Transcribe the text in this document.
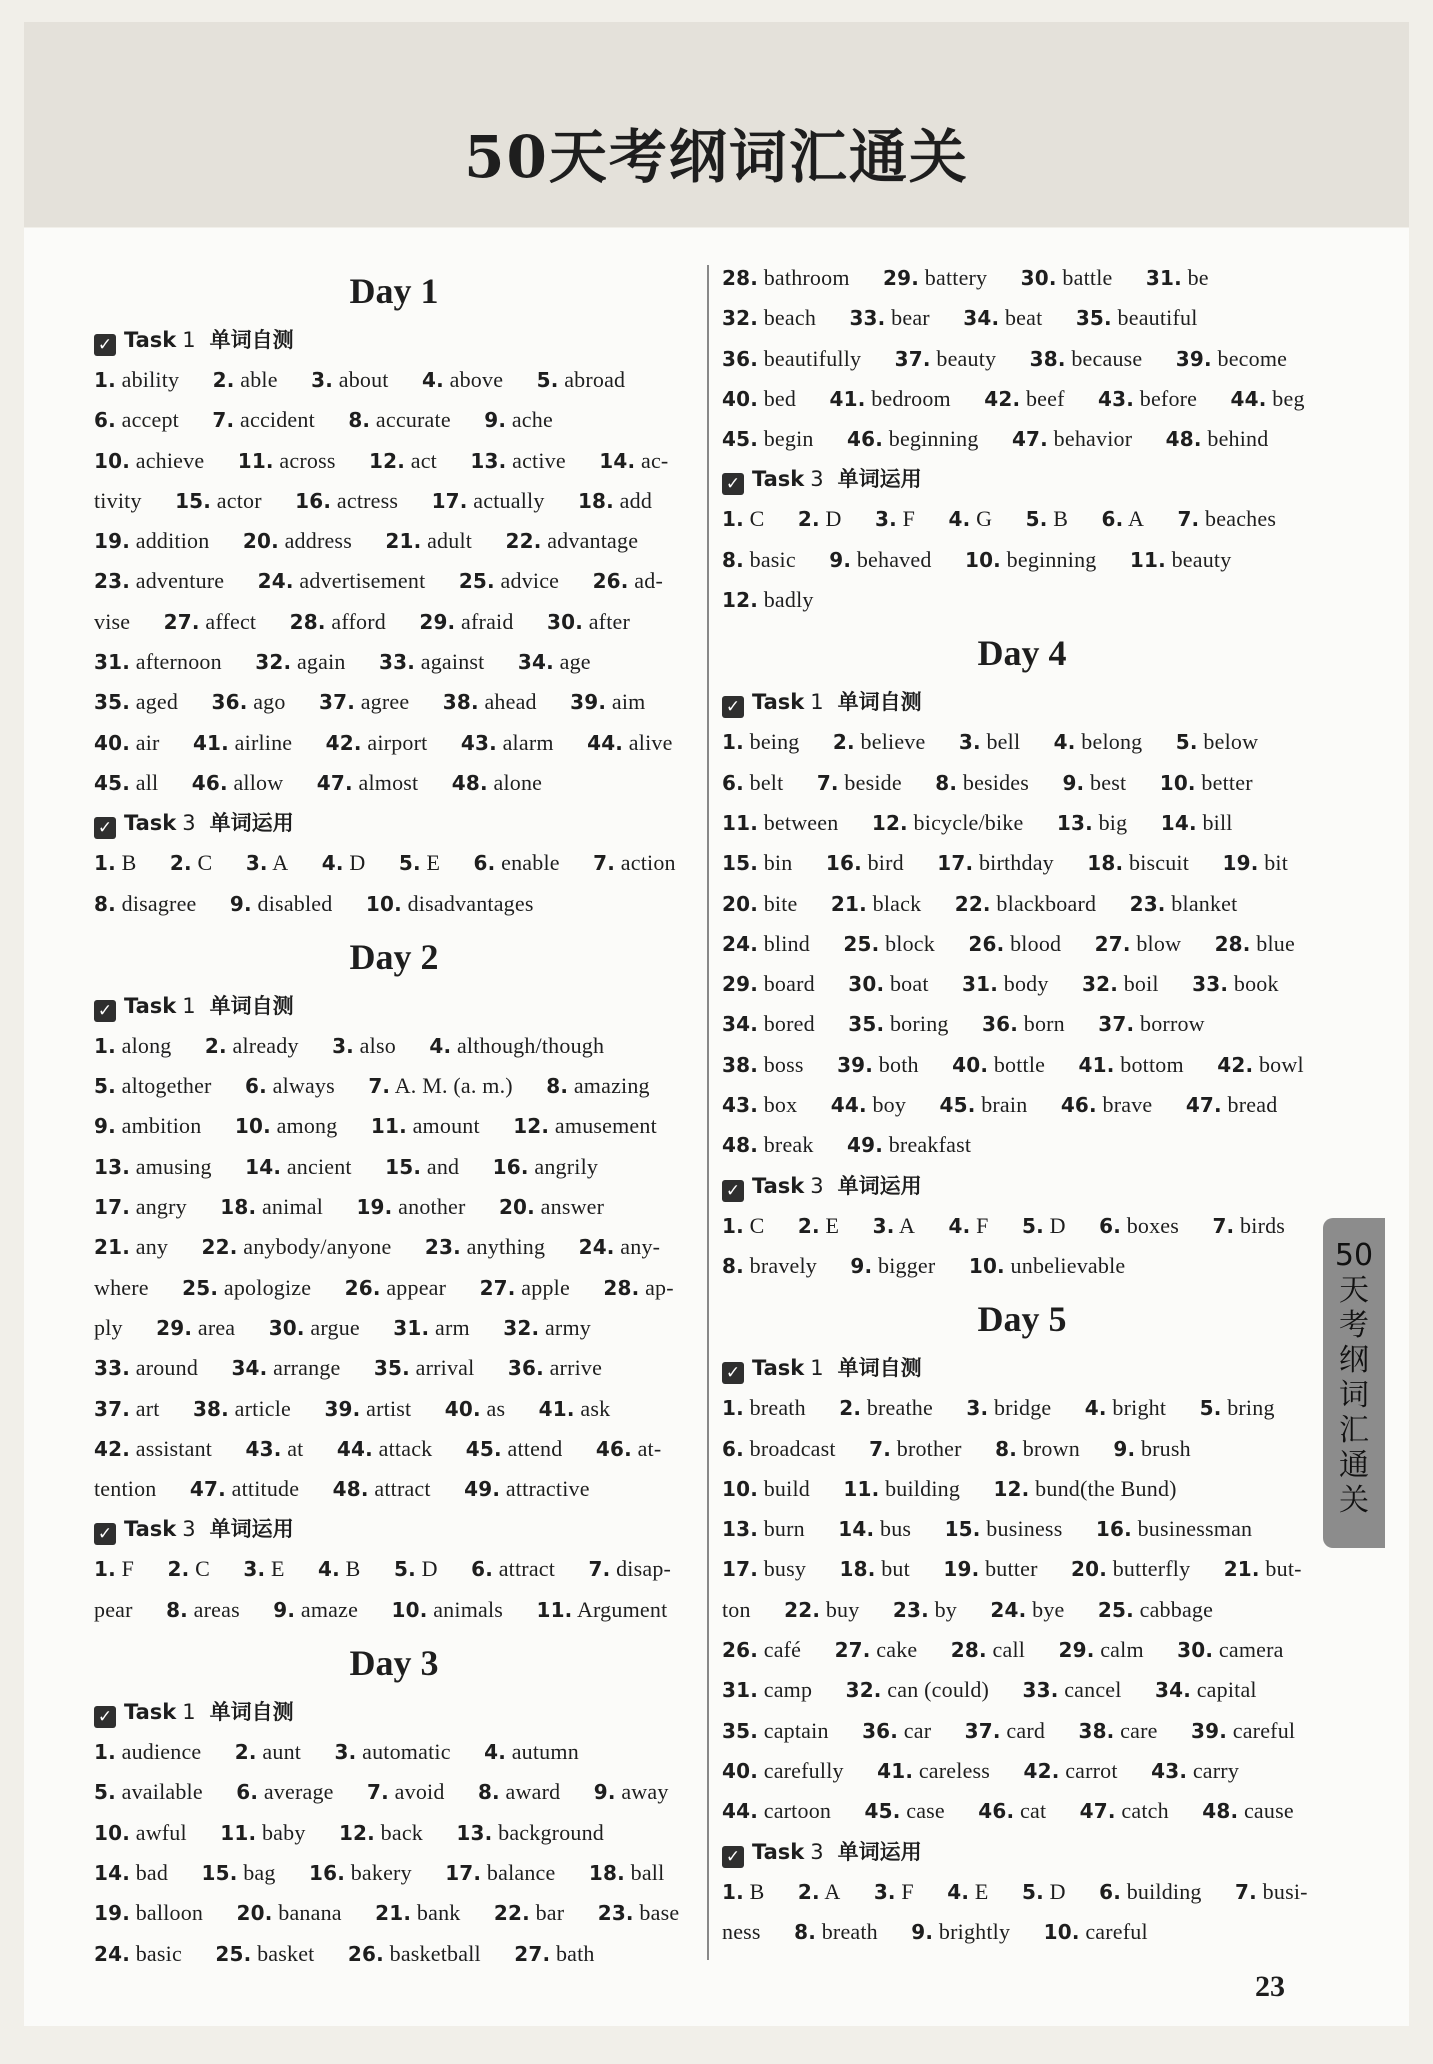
50天考纲词汇通关
Day 1
✓ Task 1 单词自测
1. ability  2. able  3. about  4. above  5. abroad
6. accept  7. accident  8. accurate  9. ache
10. achieve  11. across  12. act  13. active  14. ac-
tivity  15. actor  16. actress  17. actually  18. add
19. addition  20. address  21. adult  22. advantage
23. adventure  24. advertisement  25. advice  26. ad-
vise  27. affect  28. afford  29. afraid  30. after
31. afternoon  32. again  33. against  34. age
35. aged  36. ago  37. agree  38. ahead  39. aim
40. air  41. airline  42. airport  43. alarm  44. alive
45. all  46. allow  47. almost  48. alone
✓ Task 3 单词运用
1. B  2. C  3. A  4. D  5. E  6. enable  7. action
8. disagree  9. disabled  10. disadvantages
Day 2
✓ Task 1 单词自测
1. along  2. already  3. also  4. although/though
5. altogether  6. always  7. A. M. (a. m.)  8. amazing
9. ambition  10. among  11. amount  12. amusement
13. amusing  14. ancient  15. and  16. angrily
17. angry  18. animal  19. another  20. answer
21. any  22. anybody/anyone  23. anything  24. any-
where  25. apologize  26. appear  27. apple  28. ap-
ply  29. area  30. argue  31. arm  32. army
33. around  34. arrange  35. arrival  36. arrive
37. art  38. article  39. artist  40. as  41. ask
42. assistant  43. at  44. attack  45. attend  46. at-
tention  47. attitude  48. attract  49. attractive
✓ Task 3 单词运用
1. F  2. C  3. E  4. B  5. D  6. attract  7. disap-
pear  8. areas  9. amaze  10. animals  11. Argument
Day 3
✓ Task 1 单词自测
1. audience  2. aunt  3. automatic  4. autumn
5. available  6. average  7. avoid  8. award  9. away
10. awful  11. baby  12. back  13. background
14. bad  15. bag  16. bakery  17. balance  18. ball
19. balloon  20. banana  21. bank  22. bar  23. base
24. basic  25. basket  26. basketball  27. bath
28. bathroom  29. battery  30. battle  31. be
32. beach  33. bear  34. beat  35. beautiful
36. beautifully  37. beauty  38. because  39. become
40. bed  41. bedroom  42. beef  43. before  44. beg
45. begin  46. beginning  47. behavior  48. behind
✓ Task 3 单词运用
1. C  2. D  3. F  4. G  5. B  6. A  7. beaches
8. basic  9. behaved  10. beginning  11. beauty
12. badly
Day 4
✓ Task 1 单词自测
1. being  2. believe  3. bell  4. belong  5. below
6. belt  7. beside  8. besides  9. best  10. better
11. between  12. bicycle/bike  13. big  14. bill
15. bin  16. bird  17. birthday  18. biscuit  19. bit
20. bite  21. black  22. blackboard  23. blanket
24. blind  25. block  26. blood  27. blow  28. blue
29. board  30. boat  31. body  32. boil  33. book
34. bored  35. boring  36. born  37. borrow
38. boss  39. both  40. bottle  41. bottom  42. bowl
43. box  44. boy  45. brain  46. brave  47. bread
48. break  49. breakfast
✓ Task 3 单词运用
1. C  2. E  3. A  4. F  5. D  6. boxes  7. birds
8. bravely  9. bigger  10. unbelievable
Day 5
✓ Task 1 单词自测
1. breath  2. breathe  3. bridge  4. bright  5. bring
6. broadcast  7. brother  8. brown  9. brush
10. build  11. building  12. bund(the Bund)
13. burn  14. bus  15. business  16. businessman
17. busy  18. but  19. butter  20. butterfly  21. but-
ton  22. buy  23. by  24. bye  25. cabbage
26. café  27. cake  28. call  29. calm  30. camera
31. camp  32. can (could)  33. cancel  34. capital
35. captain  36. car  37. card  38. care  39. careful
40. carefully  41. careless  42. carrot  43. carry
44. cartoon  45. case  46. cat  47. catch  48. cause
✓ Task 3 单词运用
1. B  2. A  3. F  4. E  5. D  6. building  7. busi-
ness  8. breath  9. brightly  10. careful
50
天
考
纲
词
汇
通
关
23
